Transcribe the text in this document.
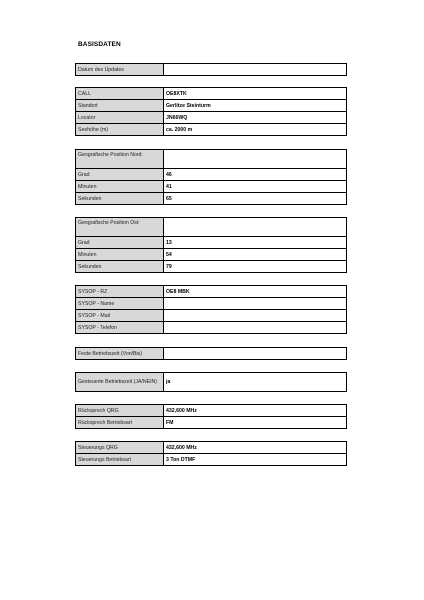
BASISDATEN
Datum des Updates	
CALL	OE8XTK
Standort	Gerlitze Steinturm
Locator	JN66WQ
Seehöhe (m)	ca. 2000 m
Geografische Position Nord:	
Grad	46
Minuten	41
Sekunden	65
Geografische Position Ost:	
Grad	13
Minuten	54
Sekunden	79
SYSOP - RZ	OE8 MBK
SYSOP - Name	
SYSOP - Mail	
SYSOP - Telefon	
Feste Betriebszeit (Von/Bis)	
Gesteuerte Betriebszeit (JA/NEIN)	ja
Rücksprech QRG	432,600 MHz
Rücksprech Betriebsart	FM
Steuerungs QRG	432,600 MHz
Steuerungs Betriebsart	3 Ton DTMF
